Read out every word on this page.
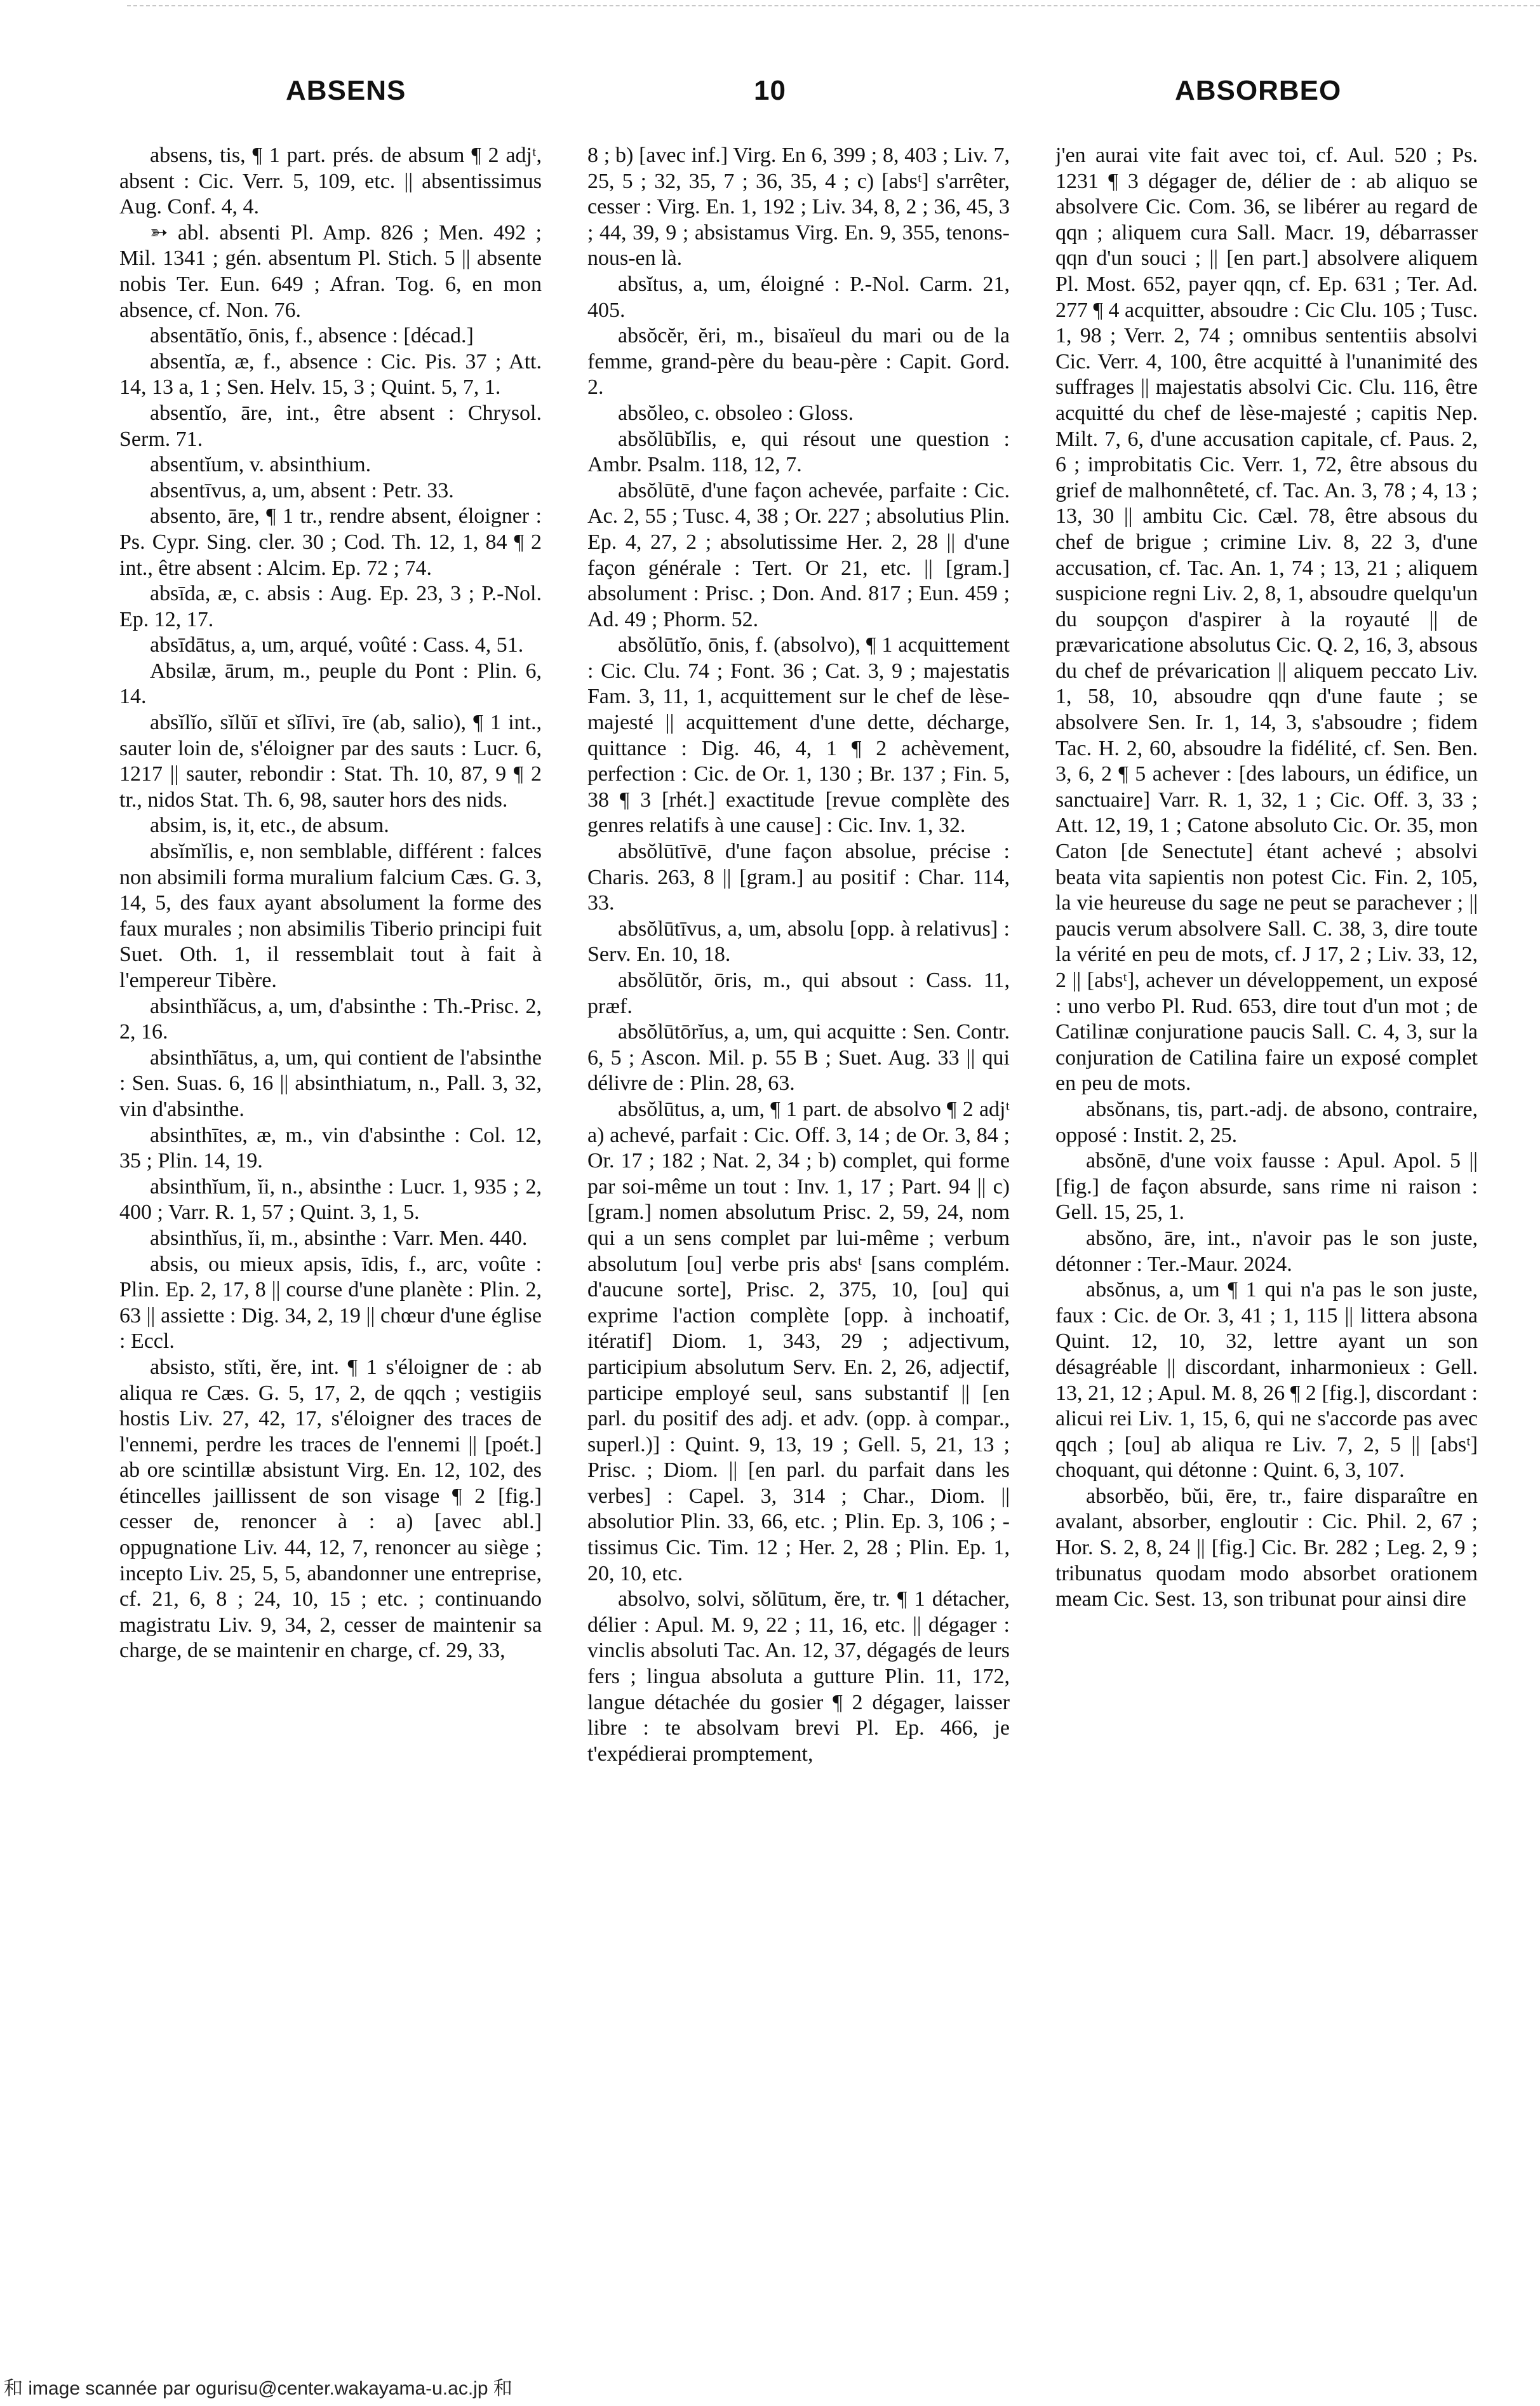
ABSENS	10	ABSORBEO

absens, tis, ¶ 1 part. prés. de absum ¶ 2 adjᵗ, absent : Cic. Verr. 5, 109, etc. || absentissimus Aug. Conf. 4, 4.

➳ abl. absenti Pl. Amp. 826 ; Men. 492 ; Mil. 1341 ; gén. absentum Pl. Stich. 5 || absente nobis Ter. Eun. 649 ; Afran. Tog. 6, en mon absence, cf. Non. 76.

absentātĭo, ōnis, f., absence : [décad.]

absentĭa, æ, f., absence : Cic. Pis. 37 ; Att. 14, 13 a, 1 ; Sen. Helv. 15, 3 ; Quint. 5, 7, 1.

absentĭo, āre, int., être absent : Chrysol. Serm. 71.

absentĭum, v. absinthium.

absentīvus, a, um, absent : Petr. 33.

absento, āre, ¶ 1 tr., rendre absent, éloigner : Ps. Cypr. Sing. cler. 30 ; Cod. Th. 12, 1, 84 ¶ 2 int., être absent : Alcim. Ep. 72 ; 74.

absīda, æ, c. absis : Aug. Ep. 23, 3 ; P.-Nol. Ep. 12, 17.

absīdātus, a, um, arqué, voûté : Cass. 4, 51.

Absilæ, ārum, m., peuple du Pont : Plin. 6, 14.

absĭlĭo, sĭlŭī et sĭlīvi, īre (ab, salio), ¶ 1 int., sauter loin de, s'éloigner par des sauts : Lucr. 6, 1217 || sauter, rebondir : Stat. Th. 10, 87, 9 ¶ 2 tr., nidos Stat. Th. 6, 98, sauter hors des nids.

absim, is, it, etc., de absum.

absĭmĭlis, e, non semblable, différent : falces non absimili forma muralium falcium Cæs. G. 3, 14, 5, des faux ayant absolument la forme des faux murales ; non absimilis Tiberio principi fuit Suet. Oth. 1, il ressemblait tout à fait à l'empereur Tibère.

absinthĭăcus, a, um, d'absinthe : Th.-Prisc. 2, 2, 16.

absinthĭātus, a, um, qui contient de l'absinthe : Sen. Suas. 6, 16 || absinthiatum, n., Pall. 3, 32, vin d'absinthe.

absinthītes, æ, m., vin d'absinthe : Col. 12, 35 ; Plin. 14, 19.

absinthĭum, ĭi, n., absinthe : Lucr. 1, 935 ; 2, 400 ; Varr. R. 1, 57 ; Quint. 3, 1, 5.

absinthĭus, ĭi, m., absinthe : Varr. Men. 440.

absis, ou mieux apsis, īdis, f., arc, voûte : Plin. Ep. 2, 17, 8 || course d'une planète : Plin. 2, 63 || assiette : Dig. 34, 2, 19 || chœur d'une église : Eccl.

absisto, stĭti, ĕre, int. ¶ 1 s'éloigner de : ab aliqua re Cæs. G. 5, 17, 2, de qqch ; vestigiis hostis Liv. 27, 42, 17, s'éloigner des traces de l'ennemi, perdre les traces de l'ennemi || [poét.] ab ore scintillæ absistunt Virg. En. 12, 102, des étincelles jaillissent de son visage ¶ 2 [fig.] cesser de, renoncer à : a) [avec abl.] oppugnatione Liv. 44, 12, 7, renoncer au siège ; incepto Liv. 25, 5, 5, abandonner une entreprise, cf. 21, 6, 8 ; 24, 10, 15 ; etc. ; continuando magistratu Liv. 9, 34, 2, cesser de maintenir sa charge, de se maintenir en charge, cf. 29, 33,

8 ; b) [avec inf.] Virg. En 6, 399 ; 8, 403 ; Liv. 7, 25, 5 ; 32, 35, 7 ; 36, 35, 4 ; c) [absᵗ] s'arrêter, cesser : Virg. En. 1, 192 ; Liv. 34, 8, 2 ; 36, 45, 3 ; 44, 39, 9 ; absistamus Virg. En. 9, 355, tenons-nous-en là.

absĭtus, a, um, éloigné : P.-Nol. Carm. 21, 405.

absŏcĕr, ĕri, m., bisaïeul du mari ou de la femme, grand-père du beau-père : Capit. Gord. 2.

absŏleo, c. obsoleo : Gloss.

absŏlūbĭlis, e, qui résout une question : Ambr. Psalm. 118, 12, 7.

absŏlūtē, d'une façon achevée, parfaite : Cic. Ac. 2, 55 ; Tusc. 4, 38 ; Or. 227 ; absolutius Plin. Ep. 4, 27, 2 ; absolutissime Her. 2, 28 || d'une façon générale : Tert. Or 21, etc. || [gram.] absolument : Prisc. ; Don. And. 817 ; Eun. 459 ; Ad. 49 ; Phorm. 52.

absŏlūtĭo, ōnis, f. (absolvo), ¶ 1 acquittement : Cic. Clu. 74 ; Font. 36 ; Cat. 3, 9 ; majestatis Fam. 3, 11, 1, acquittement sur le chef de lèse-majesté || acquittement d'une dette, décharge, quittance : Dig. 46, 4, 1 ¶ 2 achèvement, perfection : Cic. de Or. 1, 130 ; Br. 137 ; Fin. 5, 38 ¶ 3 [rhét.] exactitude [revue complète des genres relatifs à une cause] : Cic. Inv. 1, 32.

absŏlūtīvē, d'une façon absolue, précise : Charis. 263, 8 || [gram.] au positif : Char. 114, 33.

absŏlūtīvus, a, um, absolu [opp. à relativus] : Serv. En. 10, 18.

absŏlūtŏr, ōris, m., qui absout : Cass. 11, præf.

absŏlūtōrĭus, a, um, qui acquitte : Sen. Contr. 6, 5 ; Ascon. Mil. p. 55 B ; Suet. Aug. 33 || qui délivre de : Plin. 28, 63.

absŏlūtus, a, um, ¶ 1 part. de absolvo ¶ 2 adjᵗ a) achevé, parfait : Cic. Off. 3, 14 ; de Or. 3, 84 ; Or. 17 ; 182 ; Nat. 2, 34 ; b) complet, qui forme par soi-même un tout : Inv. 1, 17 ; Part. 94 || c) [gram.] nomen absolutum Prisc. 2, 59, 24, nom qui a un sens complet par lui-même ; verbum absolutum [ou] verbe pris absᵗ [sans complém. d'aucune sorte], Prisc. 2, 375, 10, [ou] qui exprime l'action complète [opp. à inchoatif, itératif] Diom. 1, 343, 29 ; adjectivum, participium absolutum Serv. En. 2, 26, adjectif, participe employé seul, sans substantif || [en parl. du positif des adj. et adv. (opp. à compar., superl.)] : Quint. 9, 13, 19 ; Gell. 5, 21, 13 ; Prisc. ; Diom. || [en parl. du parfait dans les verbes] : Capel. 3, 314 ; Char., Diom. || absolutior Plin. 33, 66, etc. ; Plin. Ep. 3, 106 ; -tissimus Cic. Tim. 12 ; Her. 2, 28 ; Plin. Ep. 1, 20, 10, etc.

absolvo, solvi, sŏlūtum, ĕre, tr. ¶ 1 détacher, délier : Apul. M. 9, 22 ; 11, 16, etc. || dégager : vinclis absoluti Tac. An. 12, 37, dégagés de leurs fers ; lingua absoluta a gutture Plin. 11, 172, langue détachée du gosier ¶ 2 dégager, laisser libre : te absolvam brevi Pl. Ep. 466, je t'expédierai promptement,

j'en aurai vite fait avec toi, cf. Aul. 520 ; Ps. 1231 ¶ 3 dégager de, délier de : ab aliquo se absolvere Cic. Com. 36, se libérer au regard de qqn ; aliquem cura Sall. Macr. 19, débarrasser qqn d'un souci ; || [en part.] absolvere aliquem Pl. Most. 652, payer qqn, cf. Ep. 631 ; Ter. Ad. 277 ¶ 4 acquitter, absoudre : Cic Clu. 105 ; Tusc. 1, 98 ; Verr. 2, 74 ; omnibus sententiis absolvi Cic. Verr. 4, 100, être acquitté à l'unanimité des suffrages || majestatis absolvi Cic. Clu. 116, être acquitté du chef de lèse-majesté ; capitis Nep. Milt. 7, 6, d'une accusation capitale, cf. Paus. 2, 6 ; improbitatis Cic. Verr. 1, 72, être absous du grief de malhonnêteté, cf. Tac. An. 3, 78 ; 4, 13 ; 13, 30 || ambitu Cic. Cæl. 78, être absous du chef de brigue ; crimine Liv. 8, 22 3, d'une accusation, cf. Tac. An. 1, 74 ; 13, 21 ; aliquem suspicione regni Liv. 2, 8, 1, absoudre quelqu'un du soupçon d'aspirer à la royauté || de prævaricatione absolutus Cic. Q. 2, 16, 3, absous du chef de prévarication || aliquem peccato Liv. 1, 58, 10, absoudre qqn d'une faute ; se absolvere Sen. Ir. 1, 14, 3, s'absoudre ; fidem Tac. H. 2, 60, absoudre la fidélité, cf. Sen. Ben. 3, 6, 2 ¶ 5 achever : [des labours, un édifice, un sanctuaire] Varr. R. 1, 32, 1 ; Cic. Off. 3, 33 ; Att. 12, 19, 1 ; Catone absoluto Cic. Or. 35, mon Caton [de Senectute] étant achevé ; absolvi beata vita sapientis non potest Cic. Fin. 2, 105, la vie heureuse du sage ne peut se parachever ; || paucis verum absolvere Sall. C. 38, 3, dire toute la vérité en peu de mots, cf. J 17, 2 ; Liv. 33, 12, 2 || [absᵗ], achever un développement, un exposé : uno verbo Pl. Rud. 653, dire tout d'un mot ; de Catilinæ conjuratione paucis Sall. C. 4, 3, sur la conjuration de Catilina faire un exposé complet en peu de mots.

absŏnans, tis, part.-adj. de absono, contraire, opposé : Instit. 2, 25.

absŏnē, d'une voix fausse : Apul. Apol. 5 || [fig.] de façon absurde, sans rime ni raison : Gell. 15, 25, 1.

absŏno, āre, int., n'avoir pas le son juste, détonner : Ter.-Maur. 2024.

absŏnus, a, um ¶ 1 qui n'a pas le son juste, faux : Cic. de Or. 3, 41 ; 1, 115 || littera absona Quint. 12, 10, 32, lettre ayant un son désagréable || discordant, inharmonieux : Gell. 13, 21, 12 ; Apul. M. 8, 26 ¶ 2 [fig.], discordant : alicui rei Liv. 1, 15, 6, qui ne s'accorde pas avec qqch ; [ou] ab aliqua re Liv. 7, 2, 5 || [absᵗ] choquant, qui détonne : Quint. 6, 3, 107.

absorbĕo, bŭi, ēre, tr., faire disparaître en avalant, absorber, engloutir : Cic. Phil. 2, 67 ; Hor. S. 2, 8, 24 || [fig.] Cic. Br. 282 ; Leg. 2, 9 ; tribunatus quodam modo absorbet orationem meam Cic. Sest. 13, son tribunat pour ainsi dire

和 image scannée par ogurisu@center.wakayama-u.ac.jp 和
